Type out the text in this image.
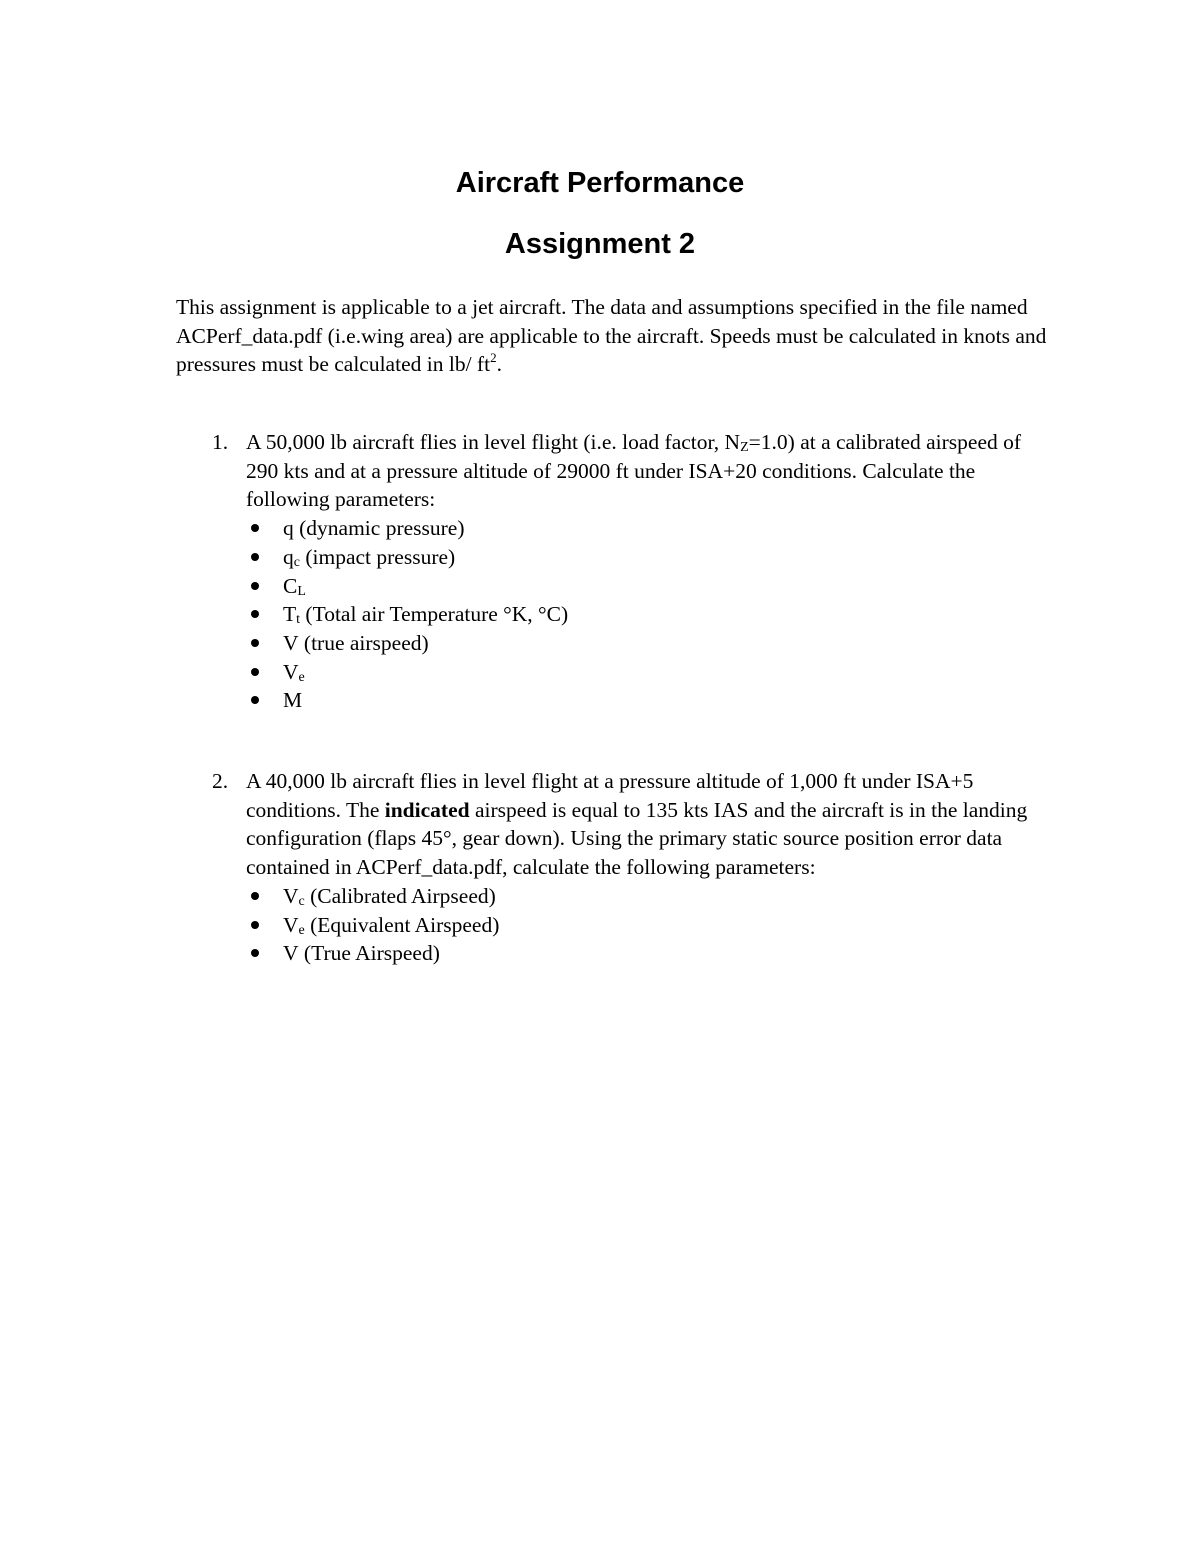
Aircraft Performance
Assignment 2

This assignment is applicable to a jet aircraft. The data and assumptions specified in the file named ACPerf_data.pdf (i.e.wing area) are applicable to the aircraft. Speeds must be calculated in knots and pressures must be calculated in lb/ $ft^2$.

1. A 50,000 lb aircraft flies in level flight (i.e. load factor, NZ=1.0) at a calibrated airspeed of 290 kts and at a pressure altitude of 29000 ft under ISA+20 conditions. Calculate the following parameters:

q (dynamic pressure)
qc (impact pressure)
CL
Tt (Total air Temperature °K, °C)
V (true airspeed)
Ve
M
2. A 40,000 lb aircraft flies in level flight at a pressure altitude of 1,000 ft under ISA+5 conditions. The indicated airspeed is equal to 135 kts IAS and the aircraft is in the landing configuration (flaps 45°, gear down). Using the primary static source position error data contained in ACPerf_data.pdf, calculate the following parameters:

Vc (Calibrated Airpseed)
Ve (Equivalent Airspeed)
V (True Airspeed)
